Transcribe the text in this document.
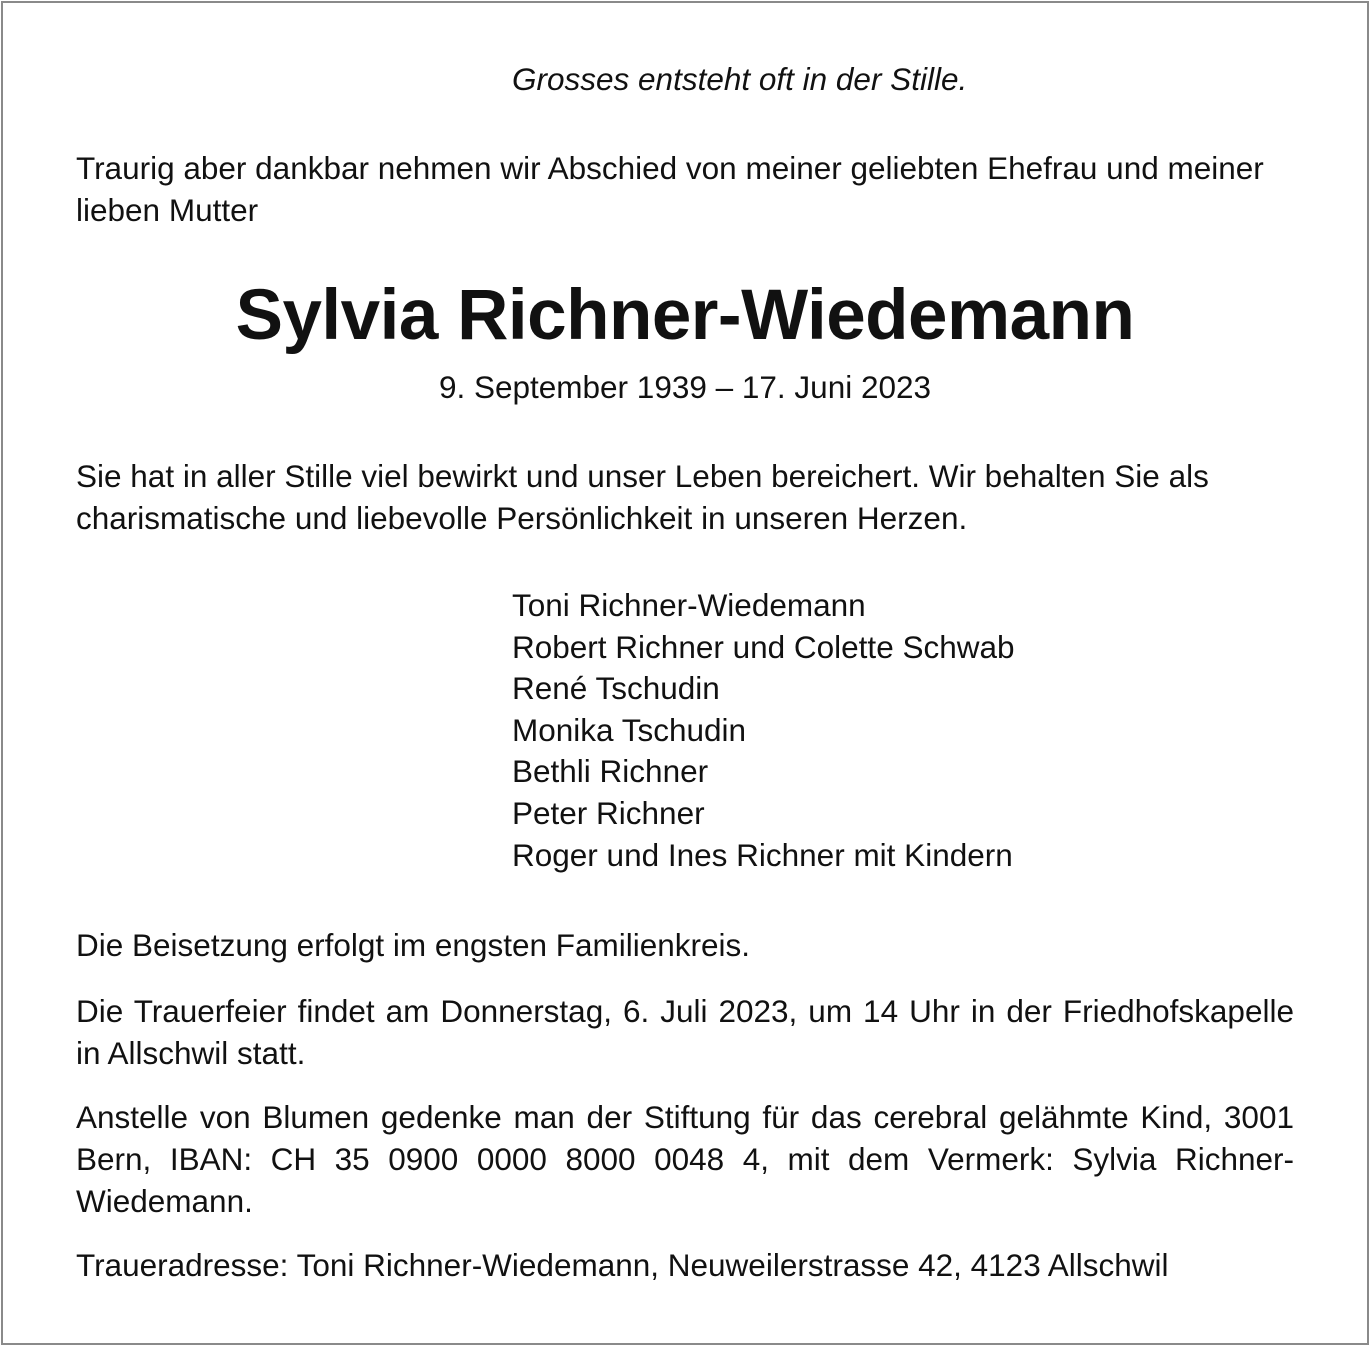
Grosses entsteht oft in der Stille.

Traurig aber dankbar nehmen wir Abschied von meiner geliebten Ehefrau und meiner lieben Mutter

Sylvia Richner-Wiedemann

9. September 1939 – 17. Juni 2023

Sie hat in aller Stille viel bewirkt und unser Leben bereichert. Wir behalten Sie als charismatische und liebevolle Persönlichkeit in unseren Herzen.

Toni Richner-Wiedemann
Robert Richner und Colette Schwab
René Tschudin
Monika Tschudin
Bethli Richner
Peter Richner
Roger und Ines Richner mit Kindern

Die Beisetzung erfolgt im engsten Familienkreis.

Die Trauerfeier findet am Donnerstag, 6. Juli 2023, um 14 Uhr in der Friedhofskapelle in Allschwil statt.

Anstelle von Blumen gedenke man der Stiftung für das cerebral gelähmte Kind, 3001 Bern, IBAN: CH 35 0900 0000 8000 0048 4, mit dem Vermerk: Sylvia Richner-Wiedemann.

Traueradresse: Toni Richner-Wiedemann, Neuweilerstrasse 42, 4123 Allschwil
